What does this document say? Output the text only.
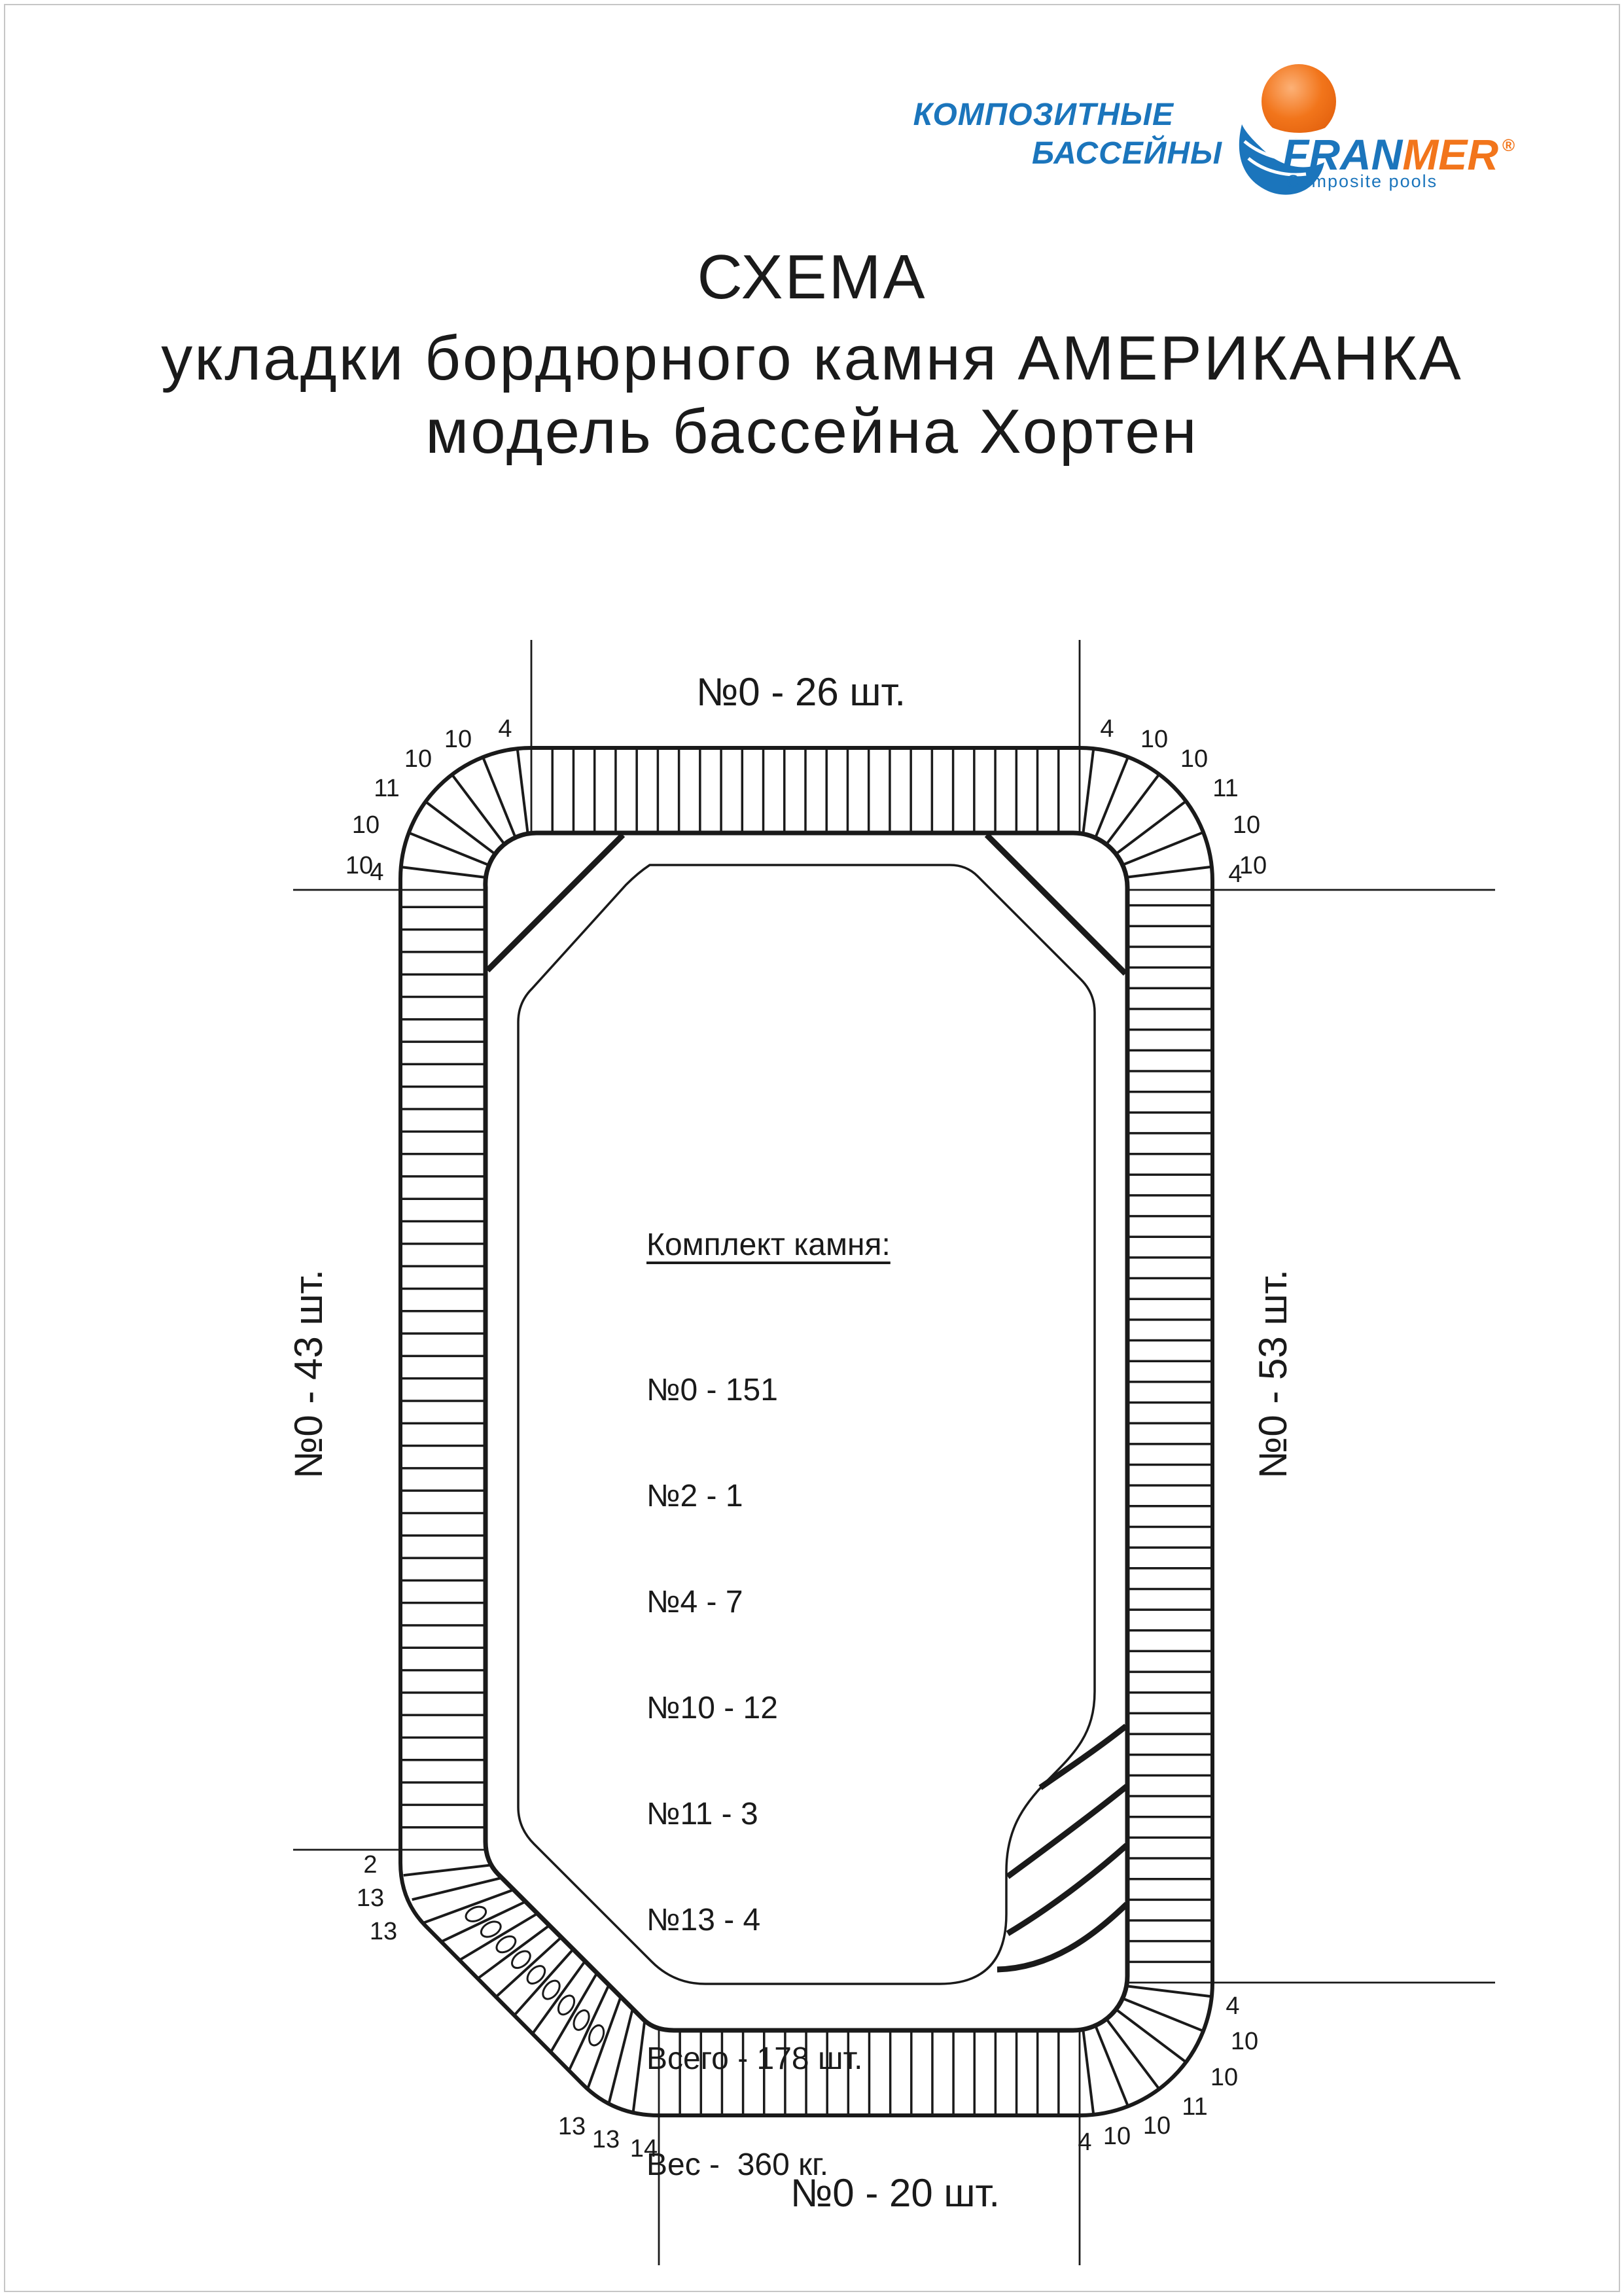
КОМПОЗИТНЫЕ
БАССЕЙНЫ FRANMER ®
Composite pools
СХЕМА
укладки бордюрного камня АМЕРИКАНКА
модель бассейна Хортен

Комплект камня:

№0 - 151

№2 - 1

№4 - 7

№10 - 12

№11 - 3

№13 - 4

Всего - 178 шт.

Вес -  360 кг.

№0 - 26 шт.
№0 - 20 шт.
№0 - 43 шт.	№0 - 53 шт.
4
10
10
11
10
10
4
4 10
10
11
10
10
4
4
10
10
11
10
10
4
2
13
13
13 13 14
